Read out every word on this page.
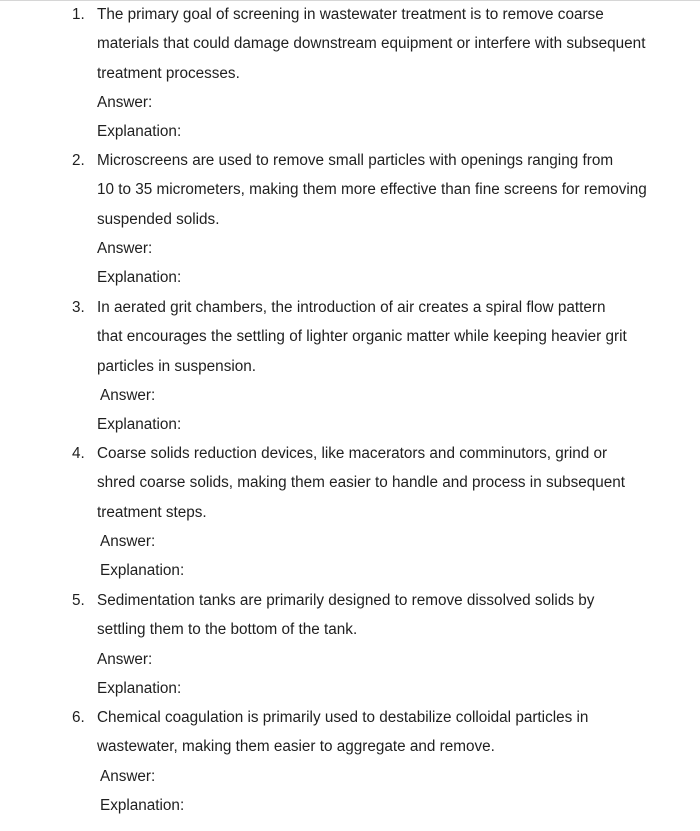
1. The primary goal of screening in wastewater treatment is to remove coarse
materials that could damage downstream equipment or interfere with subsequent
treatment processes.
Answer:
Explanation:
2. Microscreens are used to remove small particles with openings ranging from
10 to 35 micrometers, making them more effective than fine screens for removing
suspended solids.
Answer:
Explanation:
3. In aerated grit chambers, the introduction of air creates a spiral flow pattern
that encourages the settling of lighter organic matter while keeping heavier grit
particles in suspension.
Answer:
Explanation:
4. Coarse solids reduction devices, like macerators and comminutors, grind or
shred coarse solids, making them easier to handle and process in subsequent
treatment steps.
Answer:
Explanation:
5. Sedimentation tanks are primarily designed to remove dissolved solids by
settling them to the bottom of the tank.
Answer:
Explanation:
6. Chemical coagulation is primarily used to destabilize colloidal particles in
wastewater, making them easier to aggregate and remove.
Answer:
Explanation:
